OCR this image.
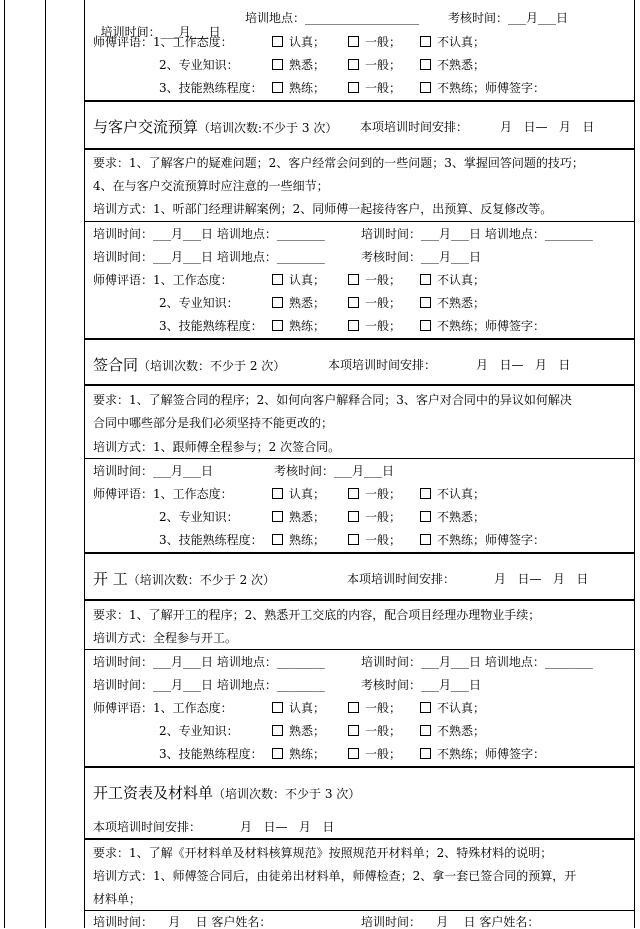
培训时间：___月___日

培训地点：___________________ 考核时间：___月___日
师傅评语：1、工作态度：	认真；	一般；	不认真；
2、专业知识：	熟悉；	一般；	不熟悉；
3、技能熟练程度：	熟练；	一般；	不熟练；师傅签字：
与客户交流预算（培训次数:不少于 3 次） 本项培训时间安排：	月   日—   月   日
要求：1、了解客户的疑难问题；2、客户经常会问到的一些问题；3、掌握回答问题的技巧；
4、在与客户交流预算时应注意的一些细节；
培训方式：1、听部门经理讲解案例；2、同师傅一起接待客户，出预算、反复修改等。
培训时间：___月___日 培训地点：________	培训时间：___月___日 培训地点：________
培训时间：___月___日 培训地点：________	考核时间：___月___日
师傅评语：1、工作态度：	认真；	一般；	不认真；
2、专业知识：	熟悉；	一般；	不熟悉；
3、技能熟练程度：	熟练；	一般；	不熟练；师傅签字：
签合同（培训次数：不少于 2 次）	本项培训时间安排：	月   日—   月   日
要求：1、了解签合同的程序；2、如何向客户解释合同；3、客户对合同中的异议如何解决
合同中哪些部分是我们必须坚持不能更改的；
培训方式：1、跟师傅全程参与；2 次签合同。
培训时间：___月___日	考核时间：___月___日
师傅评语：1、工作态度：	认真；	一般；	不认真；
2、专业知识：	熟悉；	一般；	不熟悉；
3、技能熟练程度：	熟练；	一般；	不熟练；师傅签字：
开 工（培训次数：不少于 2 次）	本项培训时间安排：	月   日—   月   日
要求：1、了解开工的程序；2、熟悉开工交底的内容，配合项目经理办理物业手续；
培训方式：全程参与开工。
培训时间：___月___日 培训地点：________	培训时间：___月___日 培训地点：________
培训时间：___月___日 培训地点：________	考核时间：___月___日
师傅评语：1、工作态度：	认真；	一般；	不认真；
2、专业知识：	熟悉；	一般；	不熟悉；
3、技能熟练程度：	熟练；	一般；	不熟练；师傅签字：
开工资表及材料单（培训次数：不少于 3 次）
本项培训时间安排：	月   日—   月   日
要求：1、了解《开材料单及材料核算规范》按照规范开材料单；2、特殊材料的说明；
培训方式：1、师傅签合同后，由徒弟出材料单，师傅检查；2、拿一套已签合同的预算，开
材料单；
培训时间：    月    日 客户姓名：	培训时间：    月    日 客户姓名：
